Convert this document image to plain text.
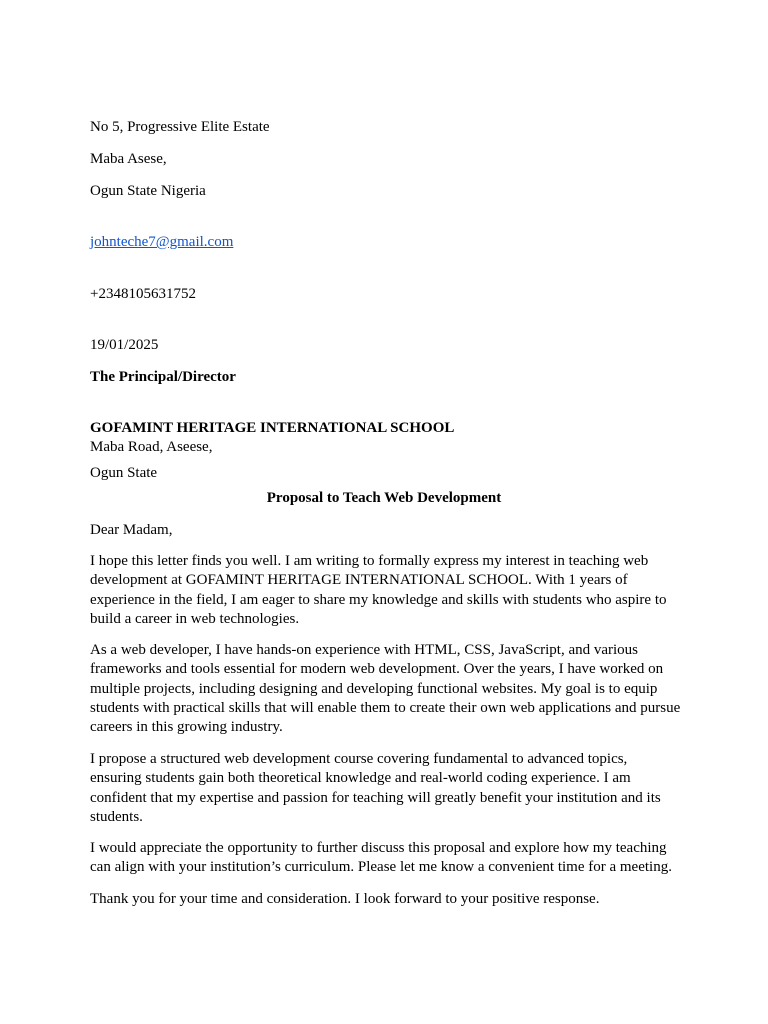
No 5, Progressive Elite Estate
Maba Asese,
Ogun State Nigeria
johnteche7@gmail.com
+2348105631752
19/01/2025
The Principal/Director
GOFAMINT HERITAGE INTERNATIONAL SCHOOL
Maba Road, Aseese,
Ogun State
Proposal to Teach Web Development
Dear Madam,
I hope this letter finds you well. I am writing to formally express my interest in teaching web development at GOFAMINT HERITAGE INTERNATIONAL SCHOOL. With 1 years of experience in the field, I am eager to share my knowledge and skills with students who aspire to build a career in web technologies.
As a web developer, I have hands-on experience with HTML, CSS, JavaScript, and various frameworks and tools essential for modern web development. Over the years, I have worked on multiple projects, including designing and developing functional websites. My goal is to equip students with practical skills that will enable them to create their own web applications and pursue careers in this growing industry.
I propose a structured web development course covering fundamental to advanced topics, ensuring students gain both theoretical knowledge and real-world coding experience. I am confident that my expertise and passion for teaching will greatly benefit your institution and its students.
I would appreciate the opportunity to further discuss this proposal and explore how my teaching can align with your institution’s curriculum. Please let me know a convenient time for a meeting.
Thank you for your time and consideration. I look forward to your positive response.
